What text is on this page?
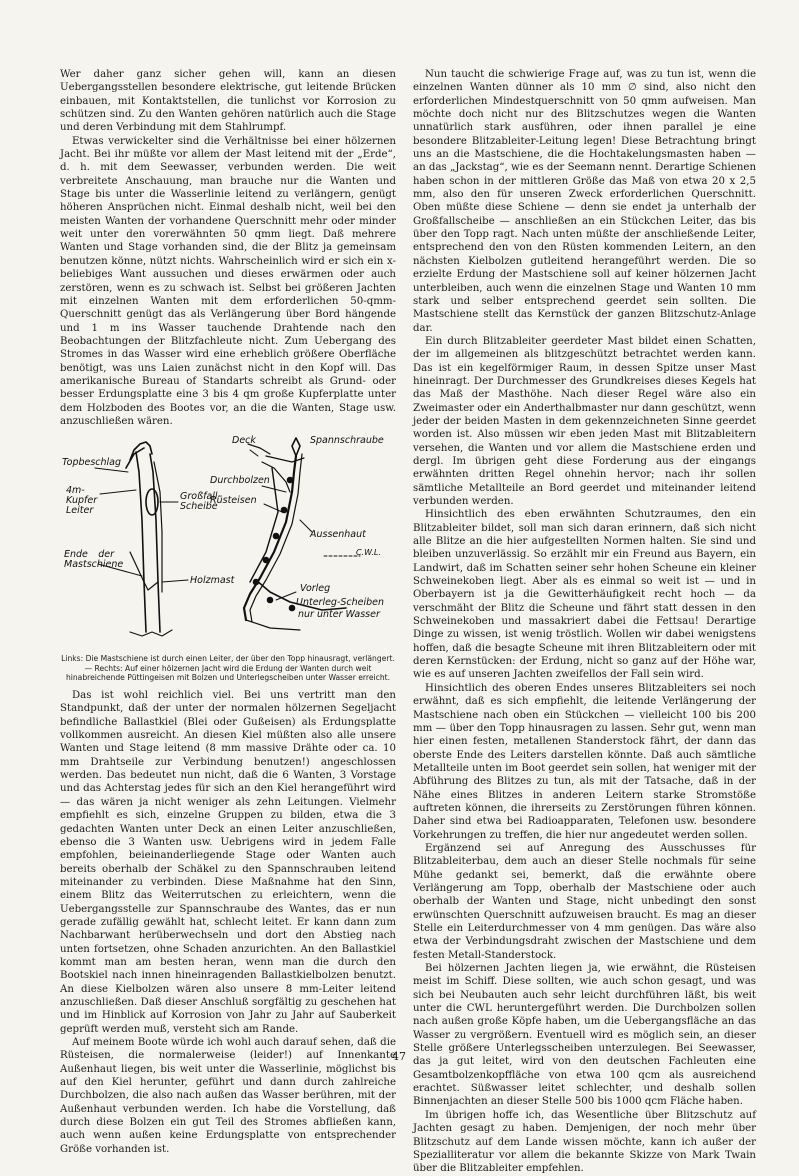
Wer daher ganz sicher gehen will, kann an diesen Uebergangsstellen besondere elektrische, gut leitende Brücken einbauen, mit Kontaktstellen, die tunlichst vor Korrosion zu schützen sind. Zu den Wanten gehören natürlich auch die Stage und deren Verbindung mit dem Stahlrumpf.

Etwas verwickelter sind die Verhältnisse bei einer hölzernen Jacht. Bei ihr müßte vor allem der Mast leitend mit der „Erde“, d. h. mit dem Seewasser, verbunden werden. Die weit verbreitete Anschauung, man brauche nur die Wanten und Stage bis unter die Wasserlinie leitend zu verlängern, genügt höheren Ansprüchen nicht. Einmal deshalb nicht, weil bei den meisten Wanten der vorhandene Querschnitt mehr oder minder weit unter den vorerwähnten 50 qmm liegt. Daß mehrere Wanten und Stage vorhanden sind, die der Blitz ja gemeinsam benutzen könne, nützt nichts. Wahrscheinlich wird er sich ein x-beliebiges Want aussuchen und dieses erwärmen oder auch zerstören, wenn es zu schwach ist. Selbst bei größeren Jachten mit einzelnen Wanten mit dem erforderlichen 50-qmm-Querschnitt genügt das als Verlängerung über Bord hängende und 1 m ins Wasser tauchende Drahtende nach den Beobachtungen der Blitzfachleute nicht. Zum Uebergang des Stromes in das Wasser wird eine erheblich größere Oberfläche benötigt, was uns Laien zunächst nicht in den Kopf will. Das amerikanische Bureau of Standarts schreibt als Grund- oder besser Erdungsplatte eine 3 bis 4 qm große Kupferplatte unter dem Holzboden des Bootes vor, an die die Wanten, Stage usw. anzuschließen wären.

Topbeschlag
4m-Kupfer Leiter
Großfall-Scheibe
Ende der Mastschiene
Holzmast
Deck	Spannschraube
Durchbolzen
Rüsteisen
Aussenhaut
C.W.L.
Vorleg
Unterleg-Scheiben
nur unter Wasser
Links: Die Mastschiene ist durch einen Leiter, der über den Topp hinausragt, verlängert. — Rechts: Auf einer hölzernen Jacht wird die Erdung der Wanten durch weit hinabreichende Püttingeisen mit Bolzen und Unterlegscheiben unter Wasser erreicht.

Das ist wohl reichlich viel. Bei uns vertritt man den Standpunkt, daß der unter der normalen hölzernen Segeljacht befindliche Ballastkiel (Blei oder Gußeisen) als Erdungsplatte vollkommen ausreicht. An diesen Kiel müßten also alle unsere Wanten und Stage leitend (8 mm massive Drähte oder ca. 10 mm Drahtseile zur Verbindung benutzen!) angeschlossen werden. Das bedeutet nun nicht, daß die 6 Wanten, 3 Vorstage und das Achterstag jedes für sich an den Kiel herangeführt wird — das wären ja nicht weniger als zehn Leitungen. Vielmehr empfiehlt es sich, einzelne Gruppen zu bilden, etwa die 3 gedachten Wanten unter Deck an einen Leiter anzuschließen, ebenso die 3 Wanten usw. Uebrigens wird in jedem Falle empfohlen, beieinanderliegende Stage oder Wanten auch bereits oberhalb der Schäkel zu den Spannschrauben leitend miteinander zu verbinden. Diese Maßnahme hat den Sinn, einem Blitz das Weiterrutschen zu erleichtern, wenn die Uebergangsstelle zur Spannschraube des Wantes, das er nun gerade zufällig gewählt hat, schlecht leitet. Er kann dann zum Nachbarwant herüberwechseln und dort den Abstieg nach unten fortsetzen, ohne Schaden anzurichten. An den Ballastkiel kommt man am besten heran, wenn man die durch den Bootskiel nach innen hineinragenden Ballastkielbolzen benutzt. An diese Kielbolzen wären also unsere 8 mm-Leiter leitend anzuschließen. Daß dieser Anschluß sorgfältig zu geschehen hat und im Hinblick auf Korrosion von Jahr zu Jahr auf Sauberkeit geprüft werden muß, versteht sich am Rande.

Auf meinem Boote würde ich wohl auch darauf sehen, daß die Rüsteisen, die normalerweise (leider!) auf Innenkante Außenhaut liegen, bis weit unter die Wasserlinie, möglichst bis auf den Kiel herunter, geführt und dann durch zahlreiche Durchbolzen, die also nach außen das Wasser berühren, mit der Außenhaut verbunden werden. Ich habe die Vorstellung, daß durch diese Bolzen ein gut Teil des Stromes abfließen kann, auch wenn außen keine Erdungsplatte von entsprechender Größe vorhanden ist.

Nun taucht die schwierige Frage auf, was zu tun ist, wenn die einzelnen Wanten dünner als 10 mm ∅ sind, also nicht den erforderlichen Mindestquerschnitt von 50 qmm aufweisen. Man möchte doch nicht nur des Blitzschutzes wegen die Wanten unnatürlich stark ausführen, oder ihnen parallel je eine besondere Blitzableiter-Leitung legen! Diese Betrachtung bringt uns an die Mastschiene, die die Hochtakelungsmasten haben — an das „Jackstag“, wie es der Seemann nennt. Derartige Schienen haben schon in der mittleren Größe das Maß von etwa 20 x 2,5 mm, also den für unseren Zweck erforderlichen Querschnitt. Oben müßte diese Schiene — denn sie endet ja unterhalb der Großfallscheibe — anschließen an ein Stückchen Leiter, das bis über den Topp ragt. Nach unten müßte der anschließende Leiter, entsprechend den von den Rüsten kommenden Leitern, an den nächsten Kielbolzen gutleitend herangeführt werden. Die so erzielte Erdung der Mastschiene soll auf keiner hölzernen Jacht unterbleiben, auch wenn die einzelnen Stage und Wanten 10 mm stark und selber entsprechend geerdet sein sollten. Die Mastschiene stellt das Kernstück der ganzen Blitzschutz-Anlage dar.

Ein durch Blitzableiter geerdeter Mast bildet einen Schatten, der im allgemeinen als blitzgeschützt betrachtet werden kann. Das ist ein kegelförmiger Raum, in dessen Spitze unser Mast hineinragt. Der Durchmesser des Grundkreises dieses Kegels hat das Maß der Masthöhe. Nach dieser Regel wäre also ein Zweimaster oder ein Anderthalbmaster nur dann geschützt, wenn jeder der beiden Masten in dem gekennzeichneten Sinne geerdet worden ist. Also müssen wir eben jeden Mast mit Blitzableitern versehen, die Wanten und vor allem die Mastschiene erden und dergl. Im übrigen geht diese Forderung aus der eingangs erwähnten dritten Regel ohnehin hervor; nach ihr sollen sämtliche Metallteile an Bord geerdet und miteinander leitend verbunden werden.

Hinsichtlich des eben erwähnten Schutzraumes, den ein Blitzableiter bildet, soll man sich daran erinnern, daß sich nicht alle Blitze an die hier aufgestellten Normen halten. Sie sind und bleiben unzuverlässig. So erzählt mir ein Freund aus Bayern, ein Landwirt, daß im Schatten seiner sehr hohen Scheune ein kleiner Schweinekoben liegt. Aber als es einmal so weit ist — und in Oberbayern ist ja die Gewitterhäufigkeit recht hoch — da verschmäht der Blitz die Scheune und fährt statt dessen in den Schweinekoben und massakriert dabei die Fettsau! Derartige Dinge zu wissen, ist wenig tröstlich. Wollen wir dabei wenigstens hoffen, daß die besagte Scheune mit ihren Blitzableitern oder mit deren Kernstücken: der Erdung, nicht so ganz auf der Höhe war, wie es auf unseren Jachten zweifellos der Fall sein wird.

Hinsichtlich des oberen Endes unseres Blitzableiters sei noch erwähnt, daß es sich empfiehlt, die leitende Verlängerung der Mastschiene nach oben ein Stückchen — vielleicht 100 bis 200 mm — über den Topp hinausragen zu lassen. Sehr gut, wenn man hier einen festen, metallenen Standerstock fährt, der dann das oberste Ende des Leiters darstellen könnte. Daß auch sämtliche Metallteile unten im Boot geerdet sein sollen, hat weniger mit der Abführung des Blitzes zu tun, als mit der Tatsache, daß in der Nähe eines Blitzes in anderen Leitern starke Stromstöße auftreten können, die ihrerseits zu Zerstörungen führen können. Daher sind etwa bei Radioapparaten, Telefonen usw. besondere Vorkehrungen zu treffen, die hier nur angedeutet werden sollen.

Ergänzend sei auf Anregung des Ausschusses für Blitzableiterbau, dem auch an dieser Stelle nochmals für seine Mühe gedankt sei, bemerkt, daß die erwähnte obere Verlängerung am Topp, oberhalb der Mastschiene oder auch oberhalb der Wanten und Stage, nicht unbedingt den sonst erwünschten Querschnitt aufzuweisen braucht. Es mag an dieser Stelle ein Leiterdurchmesser von 4 mm genügen. Das wäre also etwa der Verbindungsdraht zwischen der Mastschiene und dem festen Metall-Standerstock.

Bei hölzernen Jachten liegen ja, wie erwähnt, die Rüsteisen meist im Schiff. Diese sollten, wie auch schon gesagt, und was sich bei Neubauten auch sehr leicht durchführen läßt, bis weit unter die CWL heruntergeführt werden. Die Durchbolzen sollen nach außen große Köpfe haben, um die Uebergangsfläche an das Wasser zu vergrößern. Eventuell wird es möglich sein, an dieser Stelle größere Unterlegsscheiben unterzulegen. Bei Seewasser, das ja gut leitet, wird von den deutschen Fachleuten eine Gesamtbolzenkopffläche von etwa 100 qcm als ausreichend erachtet. Süßwasser leitet schlechter, und deshalb sollen Binnenjachten an dieser Stelle 500 bis 1000 qcm Fläche haben.

Im übrigen hoffe ich, das Wesentliche über Blitzschutz auf Jachten gesagt zu haben. Demjenigen, der noch mehr über Blitzschutz auf dem Lande wissen möchte, kann ich außer der Spezialliteratur vor allem die bekannte Skizze von Mark Twain über die Blitzableiter empfehlen.

47
